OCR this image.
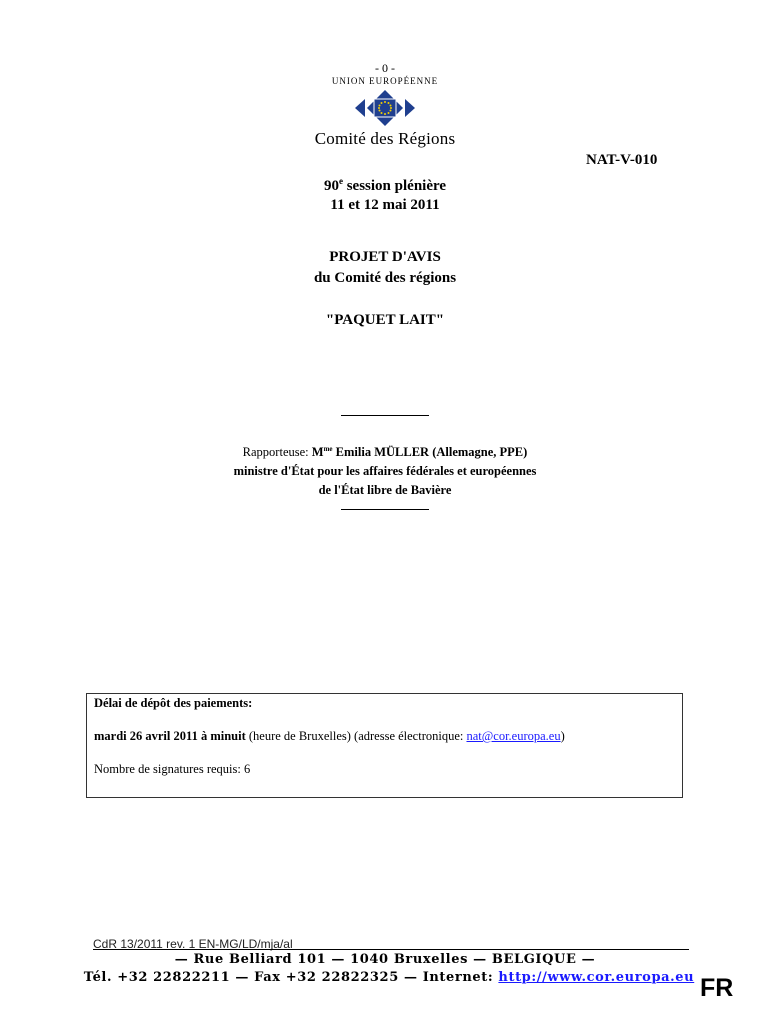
- 0 -
UNION EUROPÉENNE
Comité des Régions
NAT-V-010
90e session plénière
11 et 12 mai 2011
PROJET D'AVIS
du Comité des régions
"PAQUET LAIT"
Rapporteuse: $M^{me}$ Emilia MÜLLER (Allemagne, PPE)
ministre d'État pour les affaires fédérales et européennes
de l'État libre de Bavière

Délai de dépôt des paiements:

mardi 26 avril 2011 à minuit (heure de Bruxelles) (adresse électronique: nat@cor.europa.eu)

Nombre de signatures requis: 6

CdR 13/2011 rev. 1 EN-MG/LD/mja/al
— Rue Belliard 101 — 1040 Bruxelles — BELGIQUE —
Tél. +32 22822211 — Fax +32 22822325 — Internet: http://www.cor.europa.eu FR
